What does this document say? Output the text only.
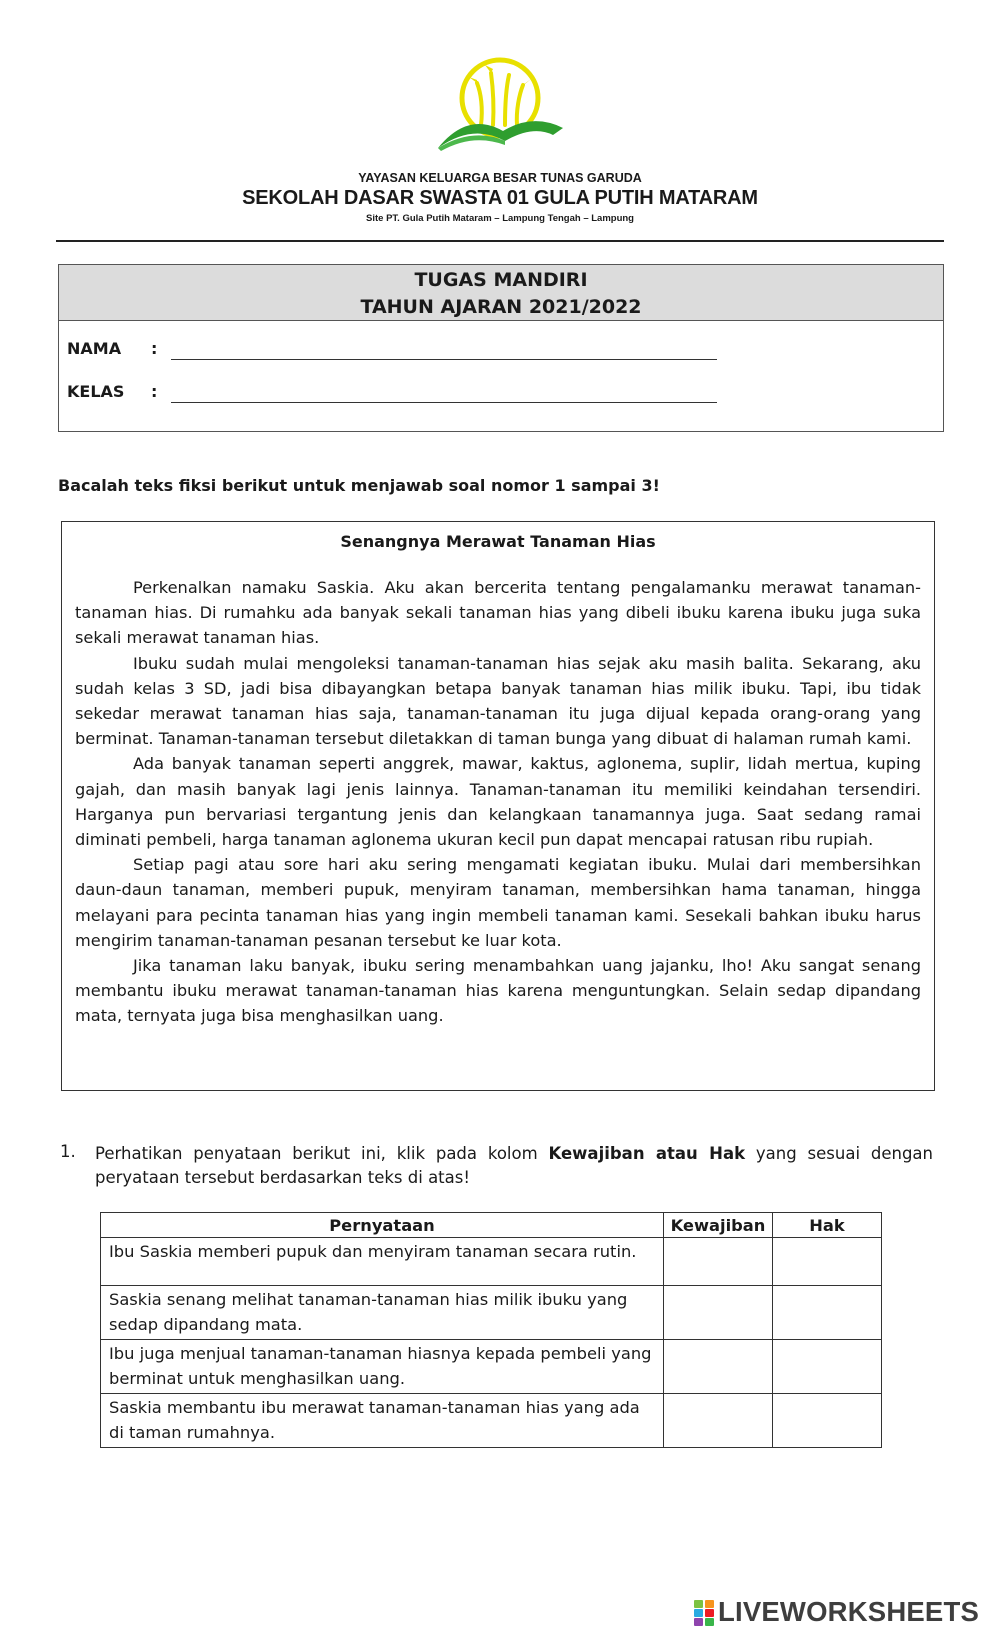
YAYASAN KELUARGA BESAR TUNAS GARUDA
SEKOLAH DASAR SWASTA 01 GULA PUTIH MATARAM
Site PT. Gula Putih Mataram – Lampung Tengah – Lampung
TUGAS MANDIRI
TAHUN AJARAN 2021/2022
NAMA :
KELAS :
Bacalah teks fiksi berikut untuk menjawab soal nomor 1 sampai 3!
Senangnya Merawat Tanaman Hias

Perkenalkan namaku Saskia. Aku akan bercerita tentang pengalamanku merawat tanaman-tanaman hias. Di rumahku ada banyak sekali tanaman hias yang dibeli ibuku karena ibuku juga suka sekali merawat tanaman hias.

Ibuku sudah mulai mengoleksi tanaman-tanaman hias sejak aku masih balita. Sekarang, aku sudah kelas 3 SD, jadi bisa dibayangkan betapa banyak tanaman hias milik ibuku. Tapi, ibu tidak sekedar merawat tanaman hias saja, tanaman-tanaman itu juga dijual kepada orang-orang yang berminat. Tanaman-tanaman tersebut diletakkan di taman bunga yang dibuat di halaman rumah kami.

Ada banyak tanaman seperti anggrek, mawar, kaktus, aglonema, suplir, lidah mertua, kuping gajah, dan masih banyak lagi jenis lainnya. Tanaman-tanaman itu memiliki keindahan tersendiri. Harganya pun bervariasi tergantung jenis dan kelangkaan tanamannya juga. Saat sedang ramai diminati pembeli, harga tanaman aglonema ukuran kecil pun dapat mencapai ratusan ribu rupiah.

Setiap pagi atau sore hari aku sering mengamati kegiatan ibuku. Mulai dari membersihkan daun-daun tanaman, memberi pupuk, menyiram tanaman, membersihkan hama tanaman, hingga melayani para pecinta tanaman hias yang ingin membeli tanaman kami. Sesekali bahkan ibuku harus mengirim tanaman-tanaman pesanan tersebut ke luar kota.

Jika tanaman laku banyak, ibuku sering menambahkan uang jajanku, lho! Aku sangat senang membantu ibuku merawat tanaman-tanaman hias karena menguntungkan. Selain sedap dipandang mata, ternyata juga bisa menghasilkan uang.

1. Perhatikan penyataan berikut ini, klik pada kolom Kewajiban atau Hak yang sesuai dengan peryataan tersebut berdasarkan teks di atas!
Pernyataan	Kewajiban	Hak
Ibu Saskia memberi pupuk dan menyiram tanaman secara rutin.		
Saskia senang melihat tanaman-tanaman hias milik ibuku yang sedap dipandang mata.		
Ibu juga menjual tanaman-tanaman hiasnya kepada pembeli yang berminat untuk menghasilkan uang.		
Saskia membantu ibu merawat tanaman-tanaman hias yang ada di taman rumahnya.		
LIVEWORKSHEETS
